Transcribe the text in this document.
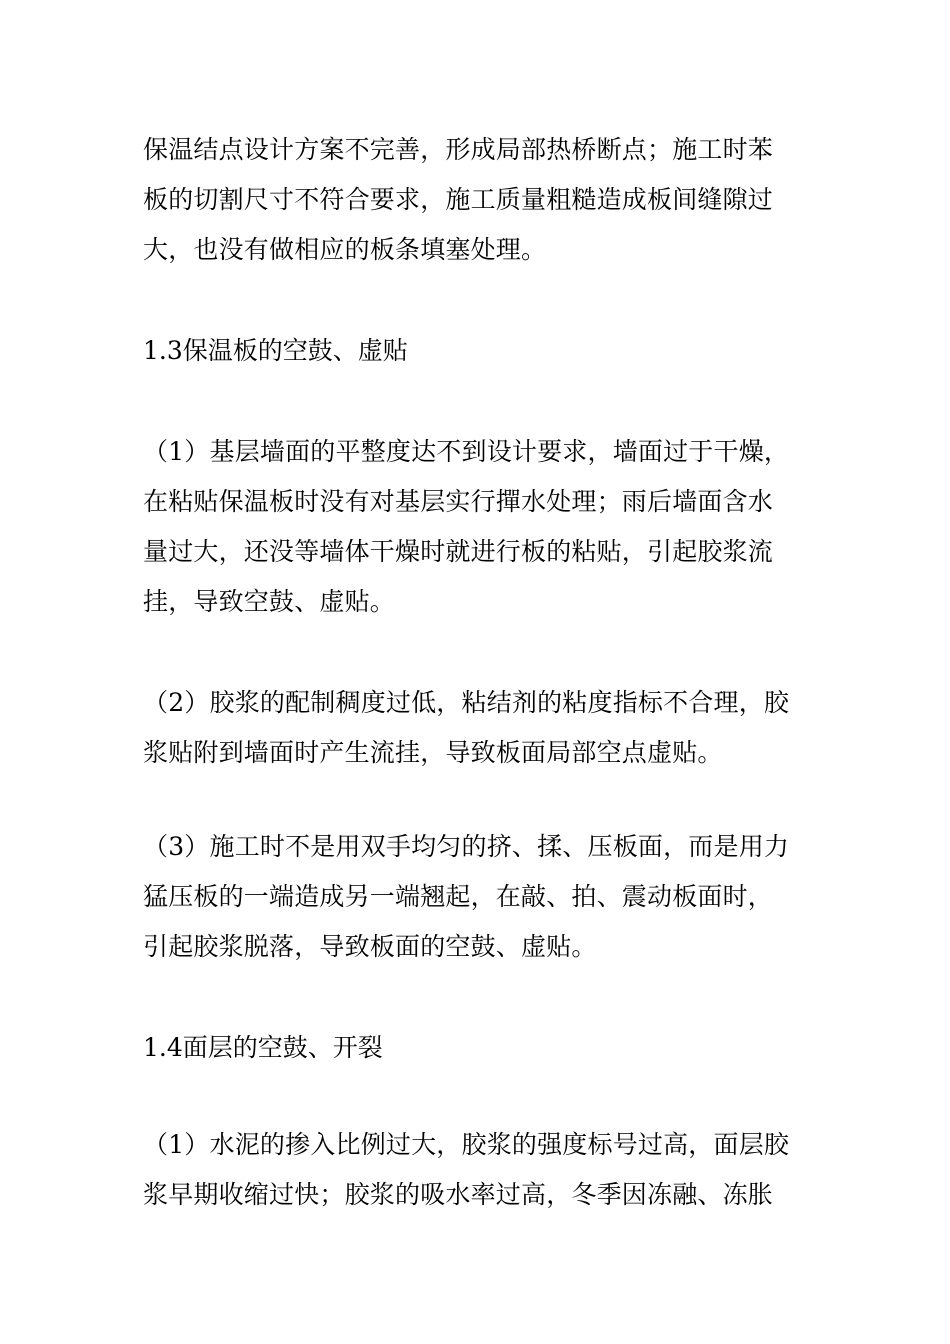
保温结点设计方案不完善，形成局部热桥断点；施工时苯
板的切割尺寸不符合要求，施工质量粗糙造成板间缝隙过
大，也没有做相应的板条填塞处理。
1.3保温板的空鼓、虚贴
（1）基层墙面的平整度达不到设计要求，墙面过于干燥，
在粘贴保温板时没有对基层实行撣水处理；雨后墙面含水
量过大，还没等墙体干燥时就进行板的粘贴，引起胶浆流
挂，导致空鼓、虚贴。
（2）胶浆的配制稠度过低，粘结剂的粘度指标不合理，胶
浆贴附到墙面时产生流挂，导致板面局部空点虚贴。
（3）施工时不是用双手均匀的挤、揉、压板面，而是用力
猛压板的一端造成另一端翘起，在敲、拍、震动板面时，
引起胶浆脱落，导致板面的空鼓、虚贴。
1.4面层的空鼓、开裂
（1）水泥的掺入比例过大，胶浆的强度标号过高，面层胶
浆早期收缩过快；胶浆的吸水率过高，冬季因冻融、冻胀
